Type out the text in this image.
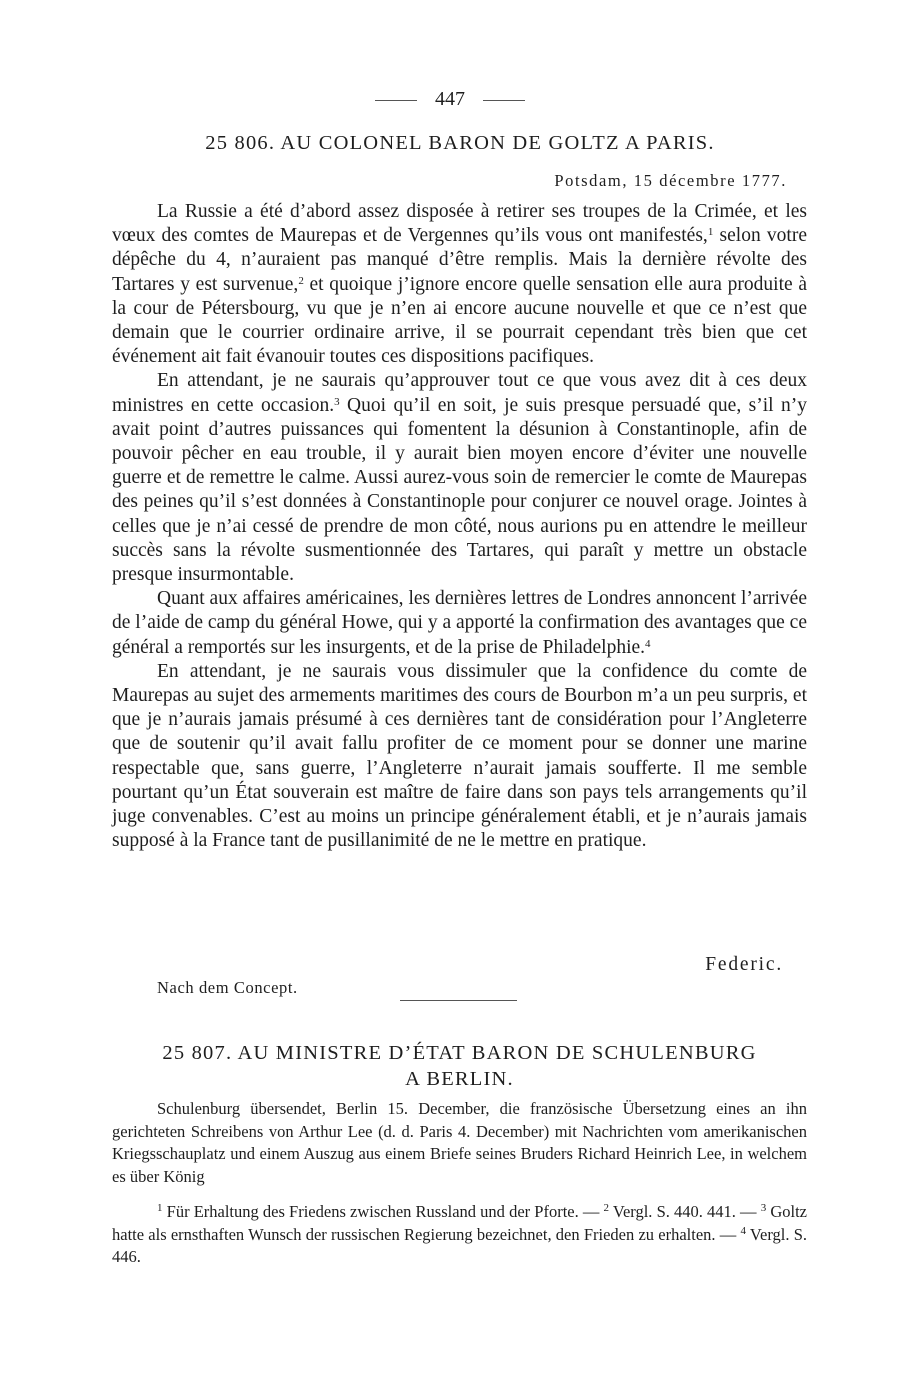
447
25 806. AU COLONEL BARON DE GOLTZ A PARIS.
Potsdam, 15 décembre 1777.

La Russie a été d’abord assez disposée à retirer ses troupes de la Crimée, et les vœux des comtes de Maurepas et de Vergennes qu’ils vous ont manifestés,$^1$ selon votre dépêche du 4, n’auraient pas manqué d’être remplis. Mais la dernière révolte des Tartares y est survenue,$^2$ et quoique j’ignore encore quelle sensation elle aura produite à la cour de Pétersbourg, vu que je n’en ai encore aucune nouvelle et que ce n’est que demain que le courrier ordinaire arrive, il se pourrait cependant très bien que cet événement ait fait évanouir toutes ces dispositions pacifiques.

En attendant, je ne saurais qu’approuver tout ce que vous avez dit à ces deux ministres en cette occasion.$^3$ Quoi qu’il en soit, je suis presque persuadé que, s’il n’y avait point d’autres puissances qui fomentent la désunion à Constantinople, afin de pouvoir pêcher en eau trouble, il y aurait bien moyen encore d’éviter une nouvelle guerre et de remettre le calme. Aussi aurez-vous soin de remercier le comte de Maurepas des peines qu’il s’est données à Constantinople pour conjurer ce nouvel orage. Jointes à celles que je n’ai cessé de prendre de mon côté, nous aurions pu en attendre le meilleur succès sans la révolte susmentionnée des Tartares, qui paraît y mettre un obstacle presque insurmontable.

Quant aux affaires américaines, les dernières lettres de Londres annoncent l’arrivée de l’aide de camp du général Howe, qui y a apporté la confirmation des avantages que ce général a remportés sur les insurgents, et de la prise de Philadelphie.$^4$

En attendant, je ne saurais vous dissimuler que la confidence du comte de Maurepas au sujet des armements maritimes des cours de Bourbon m’a un peu surpris, et que je n’aurais jamais présumé à ces dernières tant de considération pour l’Angleterre que de soutenir qu’il avait fallu profiter de ce moment pour se donner une marine respectable que, sans guerre, l’Angleterre n’aurait jamais soufferte. Il me semble pourtant qu’un État souverain est maître de faire dans son pays tels arrangements qu’il juge convenables. C’est au moins un principe généralement établi, et je n’aurais jamais supposé à la France tant de pusillanimité de ne le mettre en pratique.

Federic.
Nach dem Concept.
25 807. AU MINISTRE D’ÉTAT BARON DE SCHULENBURG
A BERLIN.

Schulenburg übersendet, Berlin 15. December, die französische Übersetzung eines an ihn gerichteten Schreibens von Arthur Lee (d. d. Paris 4. December) mit Nachrichten vom amerikanischen Kriegsschauplatz und einem Auszug aus einem Briefe seines Bruders Richard Heinrich Lee, in welchem es über König

$^1$ Für Erhaltung des Friedens zwischen Russland und der Pforte. — $^2$ Vergl. S. 440. 441. — $^3$ Goltz hatte als ernsthaften Wunsch der russischen Regierung bezeichnet, den Frieden zu erhalten. — $^4$ Vergl. S. 446.
